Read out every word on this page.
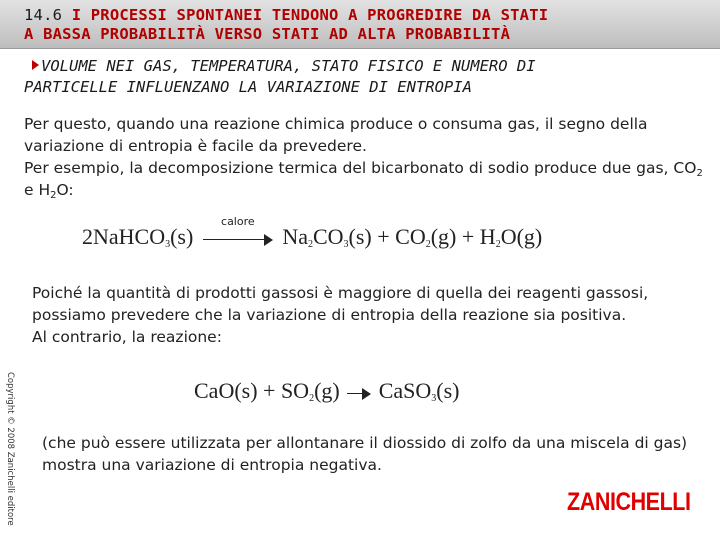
14.6 I PROCESSI SPONTANEI TENDONO A PROGREDIRE DA STATI
A BASSA PROBABILITÀ VERSO STATI AD ALTA PROBABILITÀ
VOLUME NEI GAS, TEMPERATURA, STATO FISICO E NUMERO DI
PARTICELLE INFLUENZANO LA VARIAZIONE DI ENTROPIA
Per questo, quando una reazione chimica produce o consuma gas, il segno della variazione di entropia è facile da prevedere.
Per esempio, la decomposizione termica del bicarbonato di sodio produce due gas, $CO_2$ e $H_2O$:
2NaHCO$_3$(s)
calore
$Na_2CO_3(s) + CO_2(g) + H_2O(g)$
Poiché la quantità di prodotti gassosi è maggiore di quella dei reagenti gassosi, possiamo prevedere che la variazione di entropia della reazione sia positiva.
Al contrario, la reazione:
$CaO(s) + SO_2(g)$ CaSO$_3$(s)
(che può essere utilizzata per allontanare il diossido di zolfo da una miscela di gas) mostra una variazione di entropia negativa.
Copyright © 2008 Zanichelli editore	ZANICHELLI
